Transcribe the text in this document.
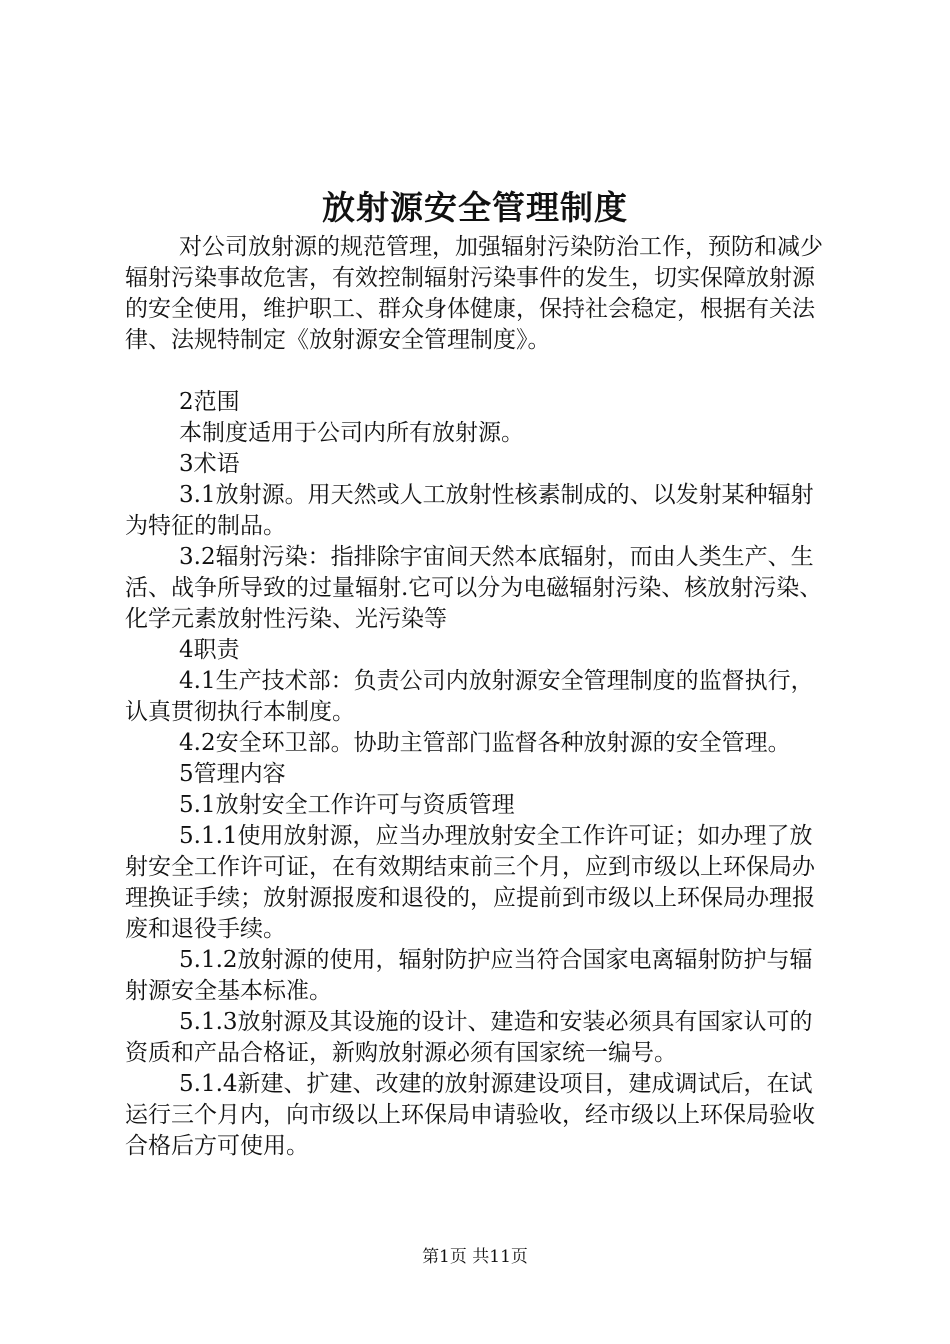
放射源安全管理制度

对公司放射源的规范管理，加强辐射污染防治工作，预防和减少辐射污染事故危害，有效控制辐射污染事件的发生，切实保障放射源的安全使用，维护职工、群众身体健康，保持社会稳定，根据有关法律、法规特制定《放射源安全管理制度》。

2范围

本制度适用于公司内所有放射源。

3术语

3.1放射源。用天然或人工放射性核素制成的、以发射某种辐射为特征的制品。

3.2辐射污染：指排除宇宙间天然本底辐射，而由人类生产、生活、战争所导致的过量辐射.它可以分为电磁辐射污染、核放射污染、化学元素放射性污染、光污染等

4职责

4.1生产技术部：负责公司内放射源安全管理制度的监督执行，认真贯彻执行本制度。

4.2安全环卫部。协助主管部门监督各种放射源的安全管理。

5管理内容

5.1放射安全工作许可与资质管理

5.1.1使用放射源，应当办理放射安全工作许可证；如办理了放射安全工作许可证，在有效期结束前三个月，应到市级以上环保局办理换证手续；放射源报废和退役的，应提前到市级以上环保局办理报废和退役手续。

5.1.2放射源的使用，辐射防护应当符合国家电离辐射防护与辐射源安全基本标准。

5.1.3放射源及其设施的设计、建造和安装必须具有国家认可的资质和产品合格证，新购放射源必须有国家统一编号。

5.1.4新建、扩建、改建的放射源建设项目，建成调试后，在试运行三个月内，向市级以上环保局申请验收，经市级以上环保局验收合格后方可使用。

第1页 共11页
